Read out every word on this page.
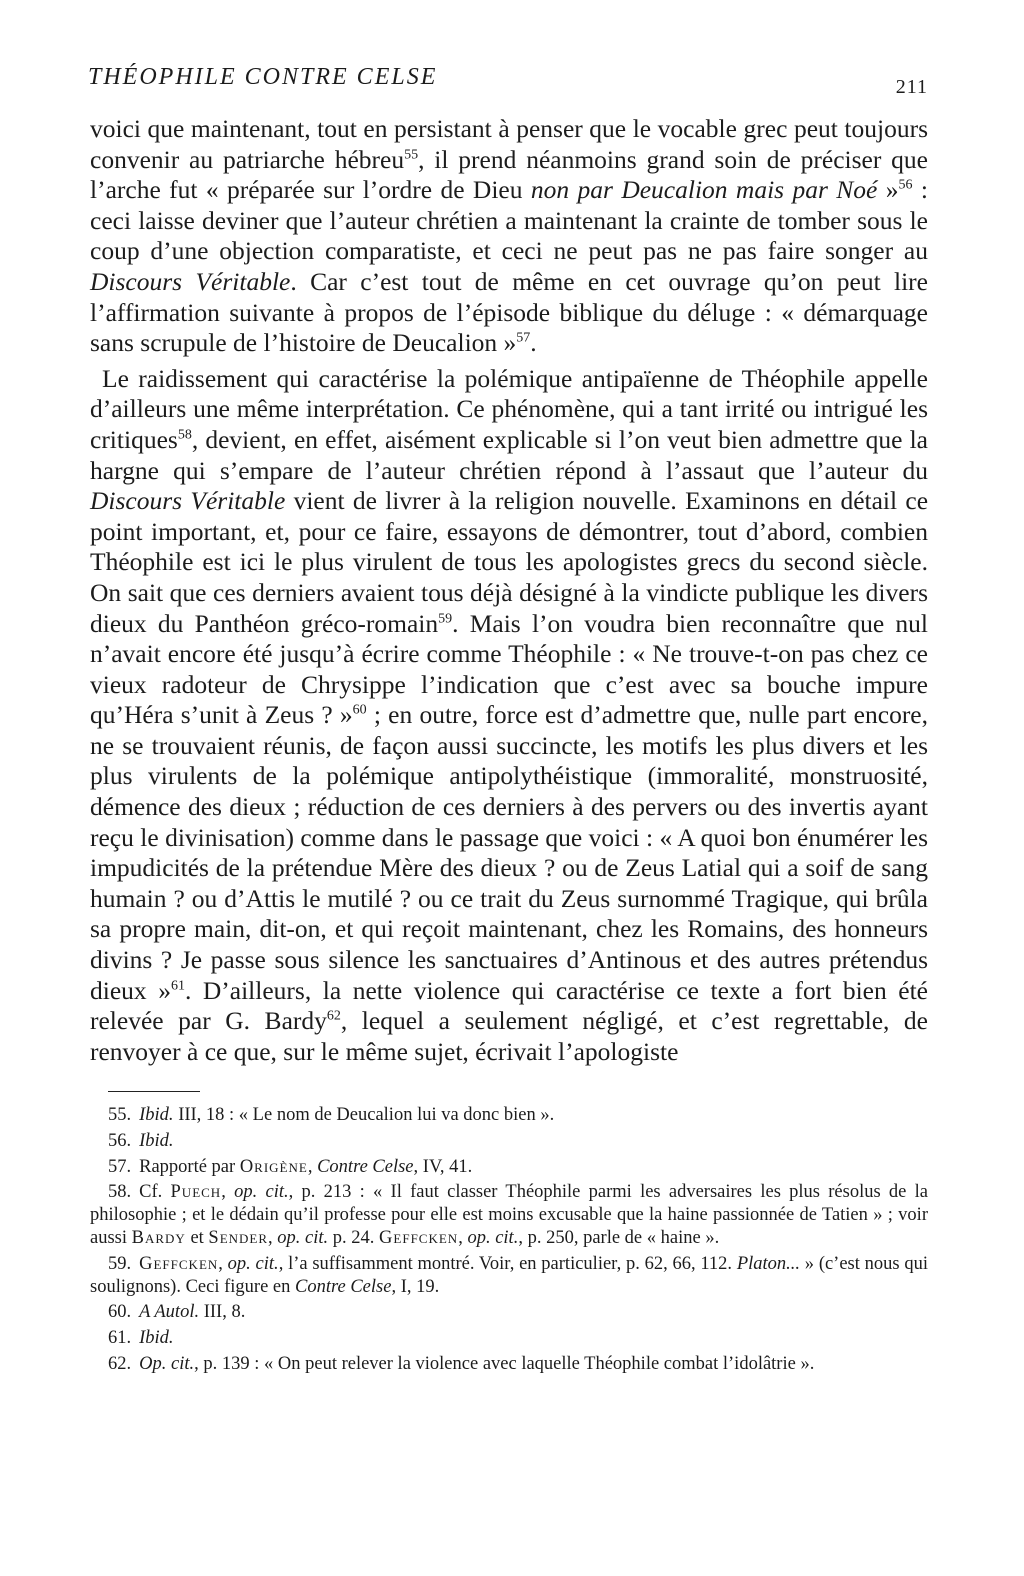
THÉOPHILE CONTRE CELSE	211

voici que maintenant, tout en persistant à penser que le vocable grec peut toujours convenir au patriarche hébreu$^{55}$, il prend néanmoins grand soin de préciser que l’arche fut « préparée sur l’ordre de Dieu non par Deucalion mais par Noé »$^{56}$ : ceci laisse deviner que l’auteur chrétien a maintenant la crainte de tomber sous le coup d’une objection comparatiste, et ceci ne peut pas ne pas faire songer au Discours Véritable. Car c’est tout de même en cet ouvrage qu’on peut lire l’affirmation suivante à propos de l’épisode biblique du déluge : « démarquage sans scrupule de l’histoire de Deucalion »$^{57}$.

Le raidissement qui caractérise la polémique antipaïenne de Théophile appelle d’ailleurs une même interprétation. Ce phénomène, qui a tant irrité ou intrigué les critiques$^{58}$, devient, en effet, aisément explicable si l’on veut bien admettre que la hargne qui s’empare de l’auteur chrétien répond à l’assaut que l’auteur du Discours Véritable vient de livrer à la religion nouvelle. Examinons en détail ce point important, et, pour ce faire, essayons de démontrer, tout d’abord, combien Théophile est ici le plus virulent de tous les apologistes grecs du second siècle. On sait que ces derniers avaient tous déjà désigné à la vindicte publique les divers dieux du Panthéon gréco-romain$^{59}$. Mais l’on voudra bien reconnaître que nul n’avait encore été jusqu’à écrire comme Théophile : « Ne trouve-t-on pas chez ce vieux radoteur de Chrysippe l’indication que c’est avec sa bouche impure qu’Héra s’unit à Zeus ? »$^{60}$ ; en outre, force est d’admettre que, nulle part encore, ne se trouvaient réunis, de façon aussi succincte, les motifs les plus divers et les plus virulents de la polémique antipolythéistique (immoralité, monstruosité, démence des dieux ; réduction de ces derniers à des pervers ou des invertis ayant reçu le divinisation) comme dans le passage que voici : « A quoi bon énumérer les impudicités de la prétendue Mère des dieux ? ou de Zeus Latial qui a soif de sang humain ? ou d’Attis le mutilé ? ou ce trait du Zeus surnommé Tragique, qui brûla sa propre main, dit-on, et qui reçoit maintenant, chez les Romains, des honneurs divins ? Je passe sous silence les sanctuaires d’Antinous et des autres prétendus dieux »$^{61}$. D’ailleurs, la nette violence qui caractérise ce texte a fort bien été relevée par G. Bardy$^{62}$, lequel a seulement négligé, et c’est regrettable, de renvoyer à ce que, sur le même sujet, écrivait l’apologiste

55. Ibid. III, 18 : « Le nom de Deucalion lui va donc bien ».

56. Ibid.

57. Rapporté par Origène, Contre Celse, IV, 41.

58. Cf. Puech, op. cit., p. 213 : « Il faut classer Théophile parmi les adversaires les plus résolus de la philosophie ; et le dédain qu’il professe pour elle est moins excusable que la haine passionnée de Tatien » ; voir aussi Bardy et Sender, op. cit. p. 24. Geffcken, op. cit., p. 250, parle de « haine ».

59. Geffcken, op. cit., l’a suffisamment montré. Voir, en particulier, p. 62, 66, 112. Platon... » (c’est nous qui soulignons). Ceci figure en Contre Celse, I, 19.

60. A Autol. III, 8.

61. Ibid.

62. Op. cit., p. 139 : « On peut relever la violence avec laquelle Théophile combat l’idolâtrie ».
